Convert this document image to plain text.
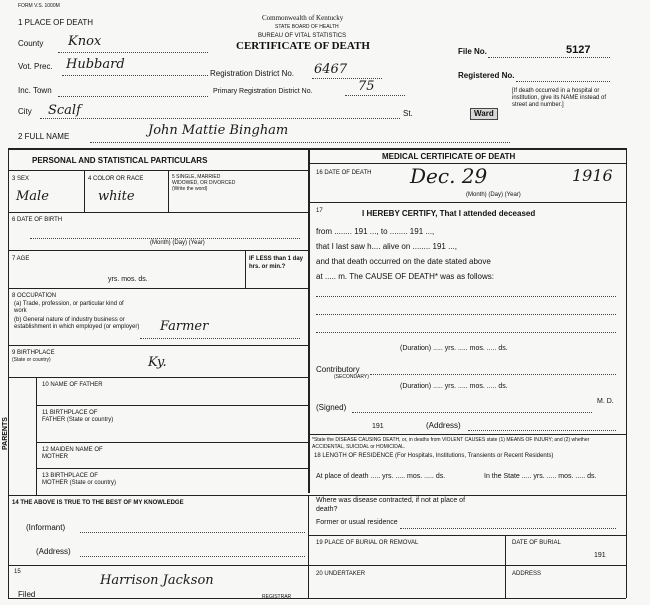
FORM V.S. 1000M
1 PLACE OF DEATH	Commonwealth of Kentucky
STATE BOARD OF HEALTH
BUREAU OF VITAL STATISTICS
CERTIFICATE OF DEATH
County Knox
Vot. Prec. Hubbard
Inc. Town
City Scalf
Registration District No. 6467
Primary Registration District No.	75
File No.	5127
Registered No.
[If death occurred in a hospital or institution, give its NAME instead of street and number.]
St.	Ward
2 FULL NAME	John Mattie Bingham
PERSONAL AND STATISTICAL PARTICULARS
3 SEX
Male
4 COLOR OR RACE
white
5 SINGLE, MARRIED WIDOWED, OR DIVORCED (Write the word)
6 DATE OF BIRTH
(Month) (Day) (Year)
7 AGE
yrs. mos. ds.
IF LESS than 1 day hrs. or min.?
8 OCCUPATION
(a) Trade, profession, or particular kind of work
(b) General nature of industry business or establishment in which employed (or employer) Farmer
9 BIRTHPLACE
(State or country)	Ky.
PARENTS
10 NAME OF FATHER
11 BIRTHPLACE OF FATHER (State or country)
12 MAIDEN NAME OF MOTHER
13 BIRTHPLACE OF MOTHER (State or country)
14 THE ABOVE IS TRUE TO THE BEST OF MY KNOWLEDGE
(Informant)
(Address)
15
Filed
Harrison Jackson
REGISTRAR
MEDICAL CERTIFICATE OF DEATH
16 DATE OF DEATH Dec. 29	1916
(Month) (Day) (Year)
17	I HEREBY CERTIFY, That I attended deceased
from ........ 191 ..., to ........ 191 ...,
that I last saw h.... alive on ........ 191 ...,
and that death occurred on the date stated above
at ..... m. The CAUSE OF DEATH* was as follows:
(Duration) ..... yrs. ..... mos. ..... ds.
Contributory
(SECONDARY)
(Duration) ..... yrs. ..... mos. ..... ds.
(Signed)
M. D.
191	(Address)
*State the DISEASE CAUSING DEATH, or, in deaths from VIOLENT CAUSES state (1) MEANS OF INJURY; and (2) whether ACCIDENTAL, SUICIDAL or HOMICIDAL.
18 LENGTH OF RESIDENCE (For Hospitals, Institutions, Transients or Recent Residents)
At place of death ..... yrs. ..... mos. ..... ds.	In the State ..... yrs. ..... mos. ..... ds.
Where was disease contracted, if not at place of death?
Former or usual residence
19 PLACE OF BURIAL OR REMOVAL	DATE OF BURIAL
191
20 UNDERTAKER	ADDRESS
